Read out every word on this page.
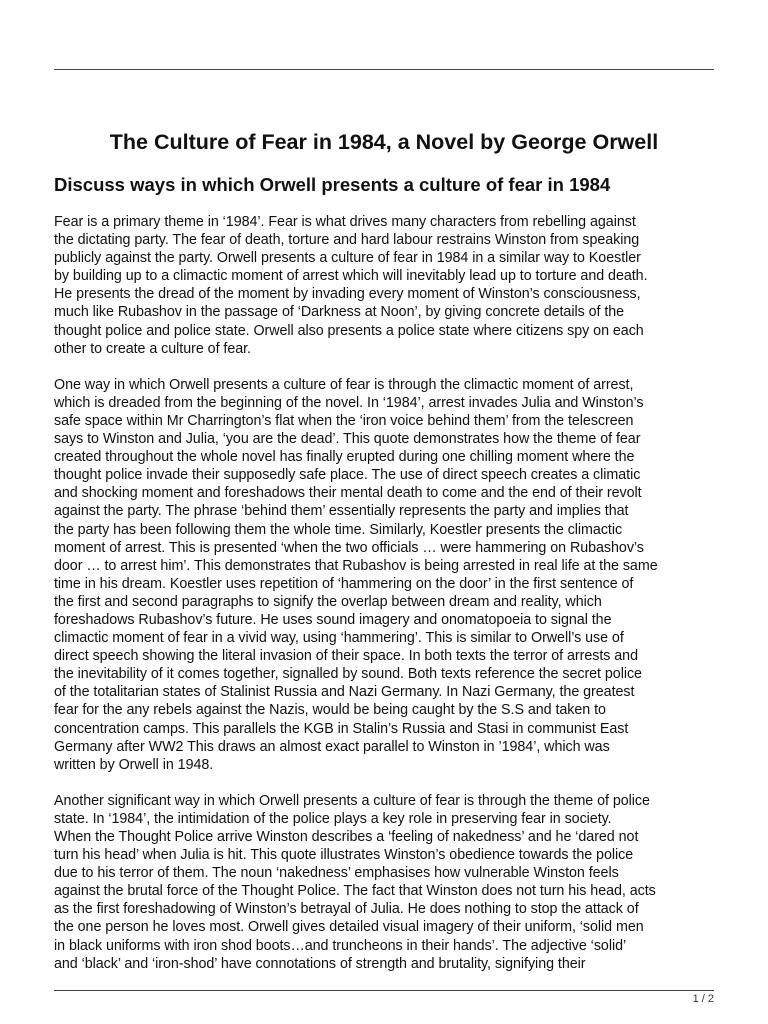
The Culture of Fear in 1984, a Novel by George Orwell
Discuss ways in which Orwell presents a culture of fear in 1984

Fear is a primary theme in ‘1984’. Fear is what drives many characters from rebelling against
the dictating party. The fear of death, torture and hard labour restrains Winston from speaking
publicly against the party. Orwell presents a culture of fear in 1984 in a similar way to Koestler
by building up to a climactic moment of arrest which will inevitably lead up to torture and death.
He presents the dread of the moment by invading every moment of Winston’s consciousness,
much like Rubashov in the passage of ‘Darkness at Noon’, by giving concrete details of the
thought police and police state. Orwell also presents a police state where citizens spy on each
other to create a culture of fear.

One way in which Orwell presents a culture of fear is through the climactic moment of arrest,
which is dreaded from the beginning of the novel. In ‘1984’, arrest invades Julia and Winston’s
safe space within Mr Charrington’s flat when the ‘iron voice behind them’ from the telescreen
says to Winston and Julia, ‘you are the dead’. This quote demonstrates how the theme of fear
created throughout the whole novel has finally erupted during one chilling moment where the
thought police invade their supposedly safe place. The use of direct speech creates a climatic
and shocking moment and foreshadows their mental death to come and the end of their revolt
against the party. The phrase ‘behind them’ essentially represents the party and implies that
the party has been following them the whole time. Similarly, Koestler presents the climactic
moment of arrest. This is presented ‘when the two officials … were hammering on Rubashov’s
door … to arrest him’. This demonstrates that Rubashov is being arrested in real life at the same
time in his dream. Koestler uses repetition of ‘hammering on the door’ in the first sentence of
the first and second paragraphs to signify the overlap between dream and reality, which
foreshadows Rubashov’s future. He uses sound imagery and onomatopoeia to signal the
climactic moment of fear in a vivid way, using ‘hammering’. This is similar to Orwell’s use of
direct speech showing the literal invasion of their space. In both texts the terror of arrests and
the inevitability of it comes together, signalled by sound. Both texts reference the secret police
of the totalitarian states of Stalinist Russia and Nazi Germany. In Nazi Germany, the greatest
fear for the any rebels against the Nazis, would be being caught by the S.S and taken to
concentration camps. This parallels the KGB in Stalin’s Russia and Stasi in communist East
Germany after WW2 This draws an almost exact parallel to Winston in ’1984’, which was
written by Orwell in 1948.

Another significant way in which Orwell presents a culture of fear is through the theme of police
state. In ‘1984’, the intimidation of the police plays a key role in preserving fear in society.
When the Thought Police arrive Winston describes a ‘feeling of nakedness’ and he ‘dared not
turn his head’ when Julia is hit. This quote illustrates Winston’s obedience towards the police
due to his terror of them. The noun ‘nakedness’ emphasises how vulnerable Winston feels
against the brutal force of the Thought Police. The fact that Winston does not turn his head, acts
as the first foreshadowing of Winston’s betrayal of Julia. He does nothing to stop the attack of
the one person he loves most. Orwell gives detailed visual imagery of their uniform, ‘solid men
in black uniforms with iron shod boots…and truncheons in their hands’. The adjective ‘solid’
and ‘black’ and ‘iron-shod’ have connotations of strength and brutality, signifying their

1 / 2
